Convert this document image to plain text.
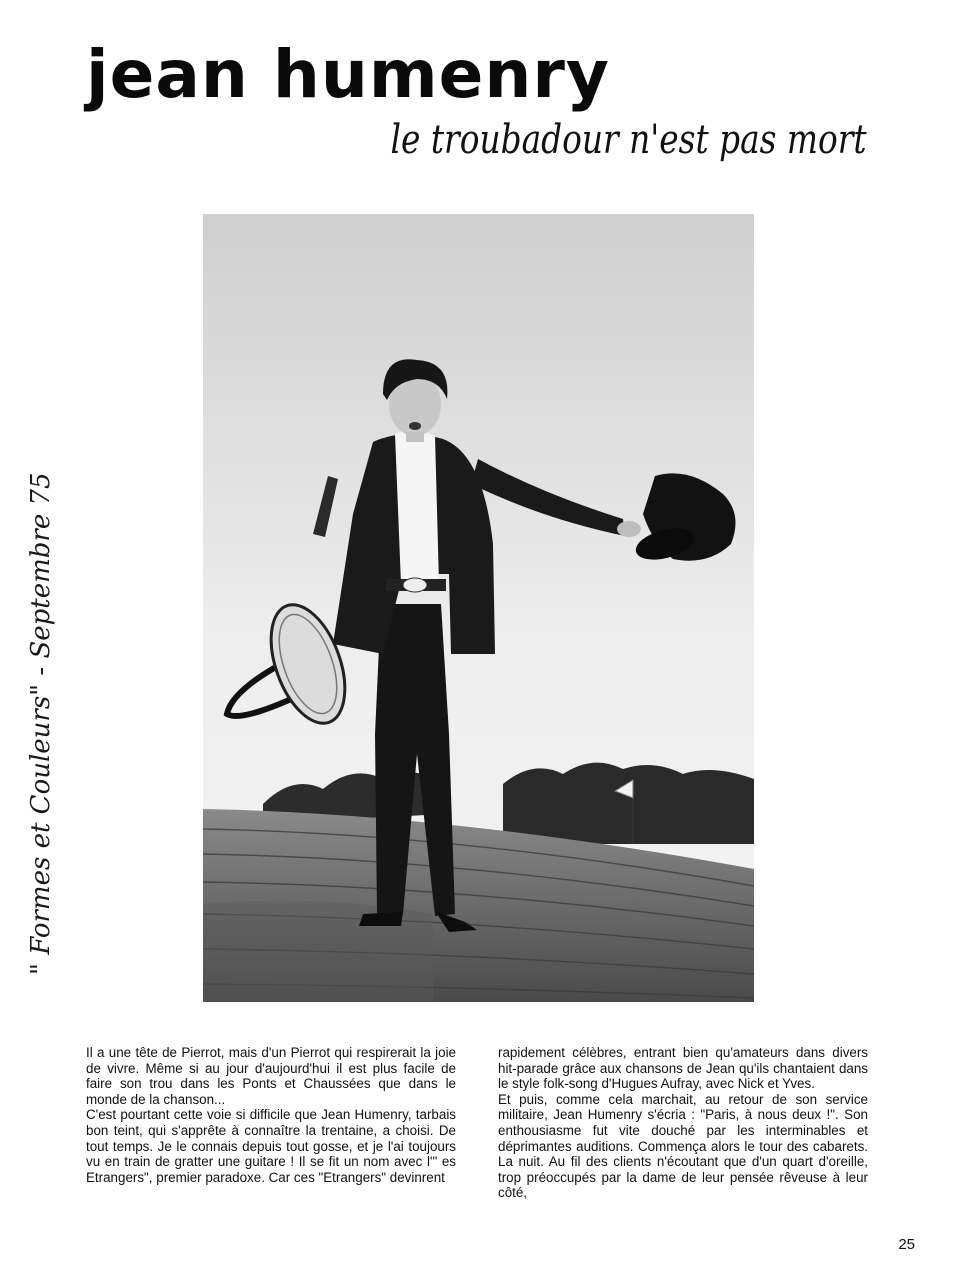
jean humenry
le troubadour n'est pas mort
" Formes et Couleurs" - Septembre 75

Il a une tête de Pierrot, mais d'un Pierrot qui respirerait la joie de vivre. Même si au jour d'aujourd'hui il est plus facile de faire son trou dans les Ponts et Chaussées que dans le monde de la chanson...

C'est pourtant cette voie si difficile que Jean Humenry, tarbais bon teint, qui s'apprête à connaître la trentaine, a choisi. De tout temps. Je le connais depuis tout gosse, et je l'ai toujours vu en train de gratter une guitare ! Il se fit un nom avec l'" es Etrangers", premier paradoxe. Car ces "Etrangers" devinrent

rapidement célèbres, entrant bien qu'amateurs dans divers hit-parade grâce aux chansons de Jean qu'ils chantaient dans le style folk-song d'Hugues Aufray, avec Nick et Yves.

Et puis, comme cela marchait, au retour de son service militaire, Jean Humenry s'écria : "Paris, à nous deux !". Son enthousiasme fut vite douché par les interminables et déprimantes auditions. Commença alors le tour des cabarets. La nuit. Au fil des clients n'écoutant que d'un quart d'oreille, trop préoccupés par la dame de leur pensée rêveuse à leur côté,

25
